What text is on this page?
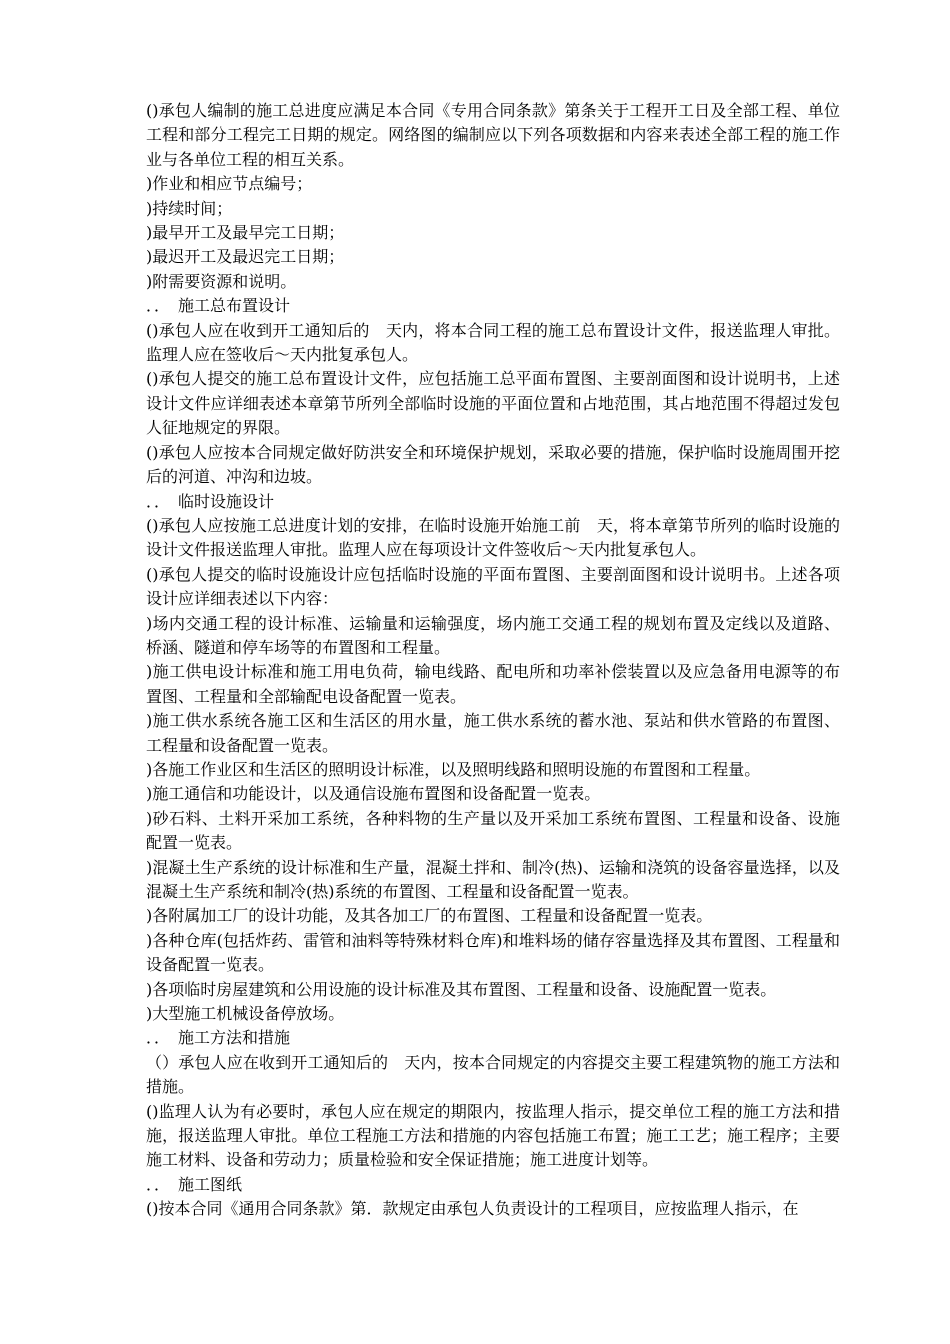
()承包人编制的施工总进度应满足本合同《专用合同条款》第条关于工程开工日及全部工程、单位工程和部分工程完工日期的规定。网络图的编制应以下列各项数据和内容来表述全部工程的施工作业与各单位工程的相互关系。

)作业和相应节点编号；

)持续时间；

)最早开工及最早完工日期；

)最迟开工及最迟完工日期；

)附需要资源和说明。

．．　施工总布置设计

()承包人应在收到开工通知后的　天内，将本合同工程的施工总布置设计文件，报送监理人审批。监理人应在签收后～天内批复承包人。

()承包人提交的施工总布置设计文件，应包括施工总平面布置图、主要剖面图和设计说明书，上述设计文件应详细表述本章第节所列全部临时设施的平面位置和占地范围，其占地范围不得超过发包人征地规定的界限。

()承包人应按本合同规定做好防洪安全和环境保护规划，采取必要的措施，保护临时设施周围开挖后的河道、冲沟和边坡。

．．　临时设施设计

()承包人应按施工总进度计划的安排，在临时设施开始施工前　天，将本章第节所列的临时设施的设计文件报送监理人审批。监理人应在每项设计文件签收后～天内批复承包人。

()承包人提交的临时设施设计应包括临时设施的平面布置图、主要剖面图和设计说明书。上述各项设计应详细表述以下内容：

)场内交通工程的设计标准、运输量和运输强度，场内施工交通工程的规划布置及定线以及道路、桥涵、隧道和停车场等的布置图和工程量。

)施工供电设计标准和施工用电负荷，输电线路、配电所和功率补偿装置以及应急备用电源等的布置图、工程量和全部输配电设备配置一览表。

)施工供水系统各施工区和生活区的用水量，施工供水系统的蓄水池、泵站和供水管路的布置图、工程量和设备配置一览表。

)各施工作业区和生活区的照明设计标准，以及照明线路和照明设施的布置图和工程量。

)施工通信和功能设计，以及通信设施布置图和设备配置一览表。

)砂石料、土料开采加工系统，各种料物的生产量以及开采加工系统布置图、工程量和设备、设施配置一览表。

)混凝土生产系统的设计标准和生产量，混凝土拌和、制冷(热)、运输和浇筑的设备容量选择，以及混凝土生产系统和制冷(热)系统的布置图、工程量和设备配置一览表。

)各附属加工厂的设计功能，及其各加工厂的布置图、工程量和设备配置一览表。

)各种仓库(包括炸药、雷管和油料等特殊材料仓库)和堆料场的储存容量选择及其布置图、工程量和设备配置一览表。

)各项临时房屋建筑和公用设施的设计标准及其布置图、工程量和设备、设施配置一览表。

)大型施工机械设备停放场。

．．　施工方法和措施

（）承包人应在收到开工通知后的　天内，按本合同规定的内容提交主要工程建筑物的施工方法和措施。

()监理人认为有必要时，承包人应在规定的期限内，按监理人指示，提交单位工程的施工方法和措施，报送监理人审批。单位工程施工方法和措施的内容包括施工布置；施工工艺；施工程序；主要施工材料、设备和劳动力；质量检验和安全保证措施；施工进度计划等。

．．　施工图纸

()按本合同《通用合同条款》第．款规定由承包人负责设计的工程项目，应按监理人指示，在
